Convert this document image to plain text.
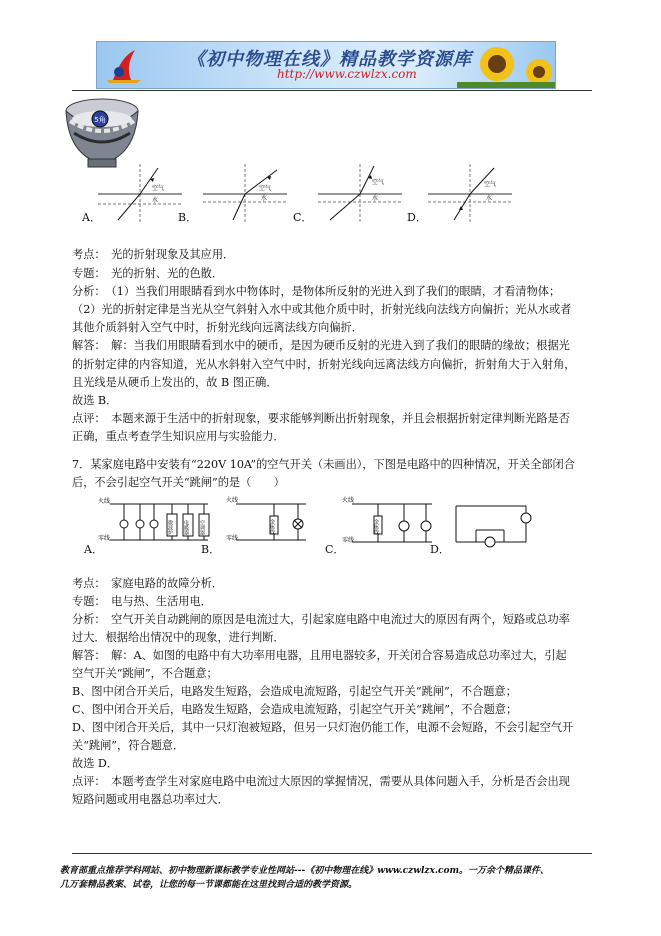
《初中物理在线》精品教学资源库
http://www.czwlzx.com
5角
空气
水
空气
水
空气
水
空气
水
A．	B．	C．	D．
考点：　光的折射现象及其应用．
专题：　光的折射、光的色散．
分析：　（1）当我们用眼睛看到水中物体时，是物体所反射的光进入到了我们的眼睛，才看清物体；
（2）光的折射定律是当光从空气斜射入水中或其他介质中时，折射光线向法线方向偏折；光从水或者
其他介质斜射入空气中时，折射光线向远离法线方向偏折．
解答：　解：当我们用眼睛看到水中的硬币，是因为硬币反射的光进入到了我们的眼睛的缘故；根据光
的折射定律的内容知道，光从水斜射入空气中时，折射光线向远离法线方向偏折，折射角大于入射角，
且光线是从硬币上发出的，故 B 图正确．
故选 B．
点评：　本题来源于生活中的折射现象，要求能够判断出折射现象，并且会根据折射定律判断光路是否
正确，重点考查学生知识应用与实验能力．
7．某家庭电路中安装有“220V 10A”的空气开关（未画出），下图是电路中的四种情况，开关全部闭合
后，不会引起空气开关“跳闸”的是（　　）
火线
零线
微波炉 电暖器 空调器
火线
零线
金属线
火线
零线
金属线
A．	B．	C．	D．
考点：　家庭电路的故障分析．
专题：　电与热、生活用电．
分析：　空气开关自动跳闸的原因是电流过大，引起家庭电路中电流过大的原因有两个，短路或总功率
过大．根据给出情况中的现象，进行判断．
解答：　解：A、如图的电路中有大功率用电器，且用电器较多，开关闭合容易造成总功率过大，引起
空气开关“跳闸”，不合题意；
B、图中闭合开关后，电路发生短路，会造成电流短路，引起空气开关“跳闸”，不合题意；
C、图中闭合开关后，电路发生短路，会造成电流短路，引起空气开关“跳闸”，不合题意；
D、图中闭合开关后，其中一只灯泡被短路，但另一只灯泡仍能工作，电源不会短路，不会引起空气开
关“跳闸”，符合题意．
故选 D．
点评：　本题考查学生对家庭电路中电流过大原因的掌握情况，需要从具体问题入手，分析是否会出现
短路问题或用电器总功率过大．
教育部重点推荐学科网站、初中物理新课标教学专业性网站---《初中物理在线》www.czwlzx.com。一万余个精品课件、
几万套精品教案、试卷，让您的每一节课都能在这里找到合适的教学资源。
